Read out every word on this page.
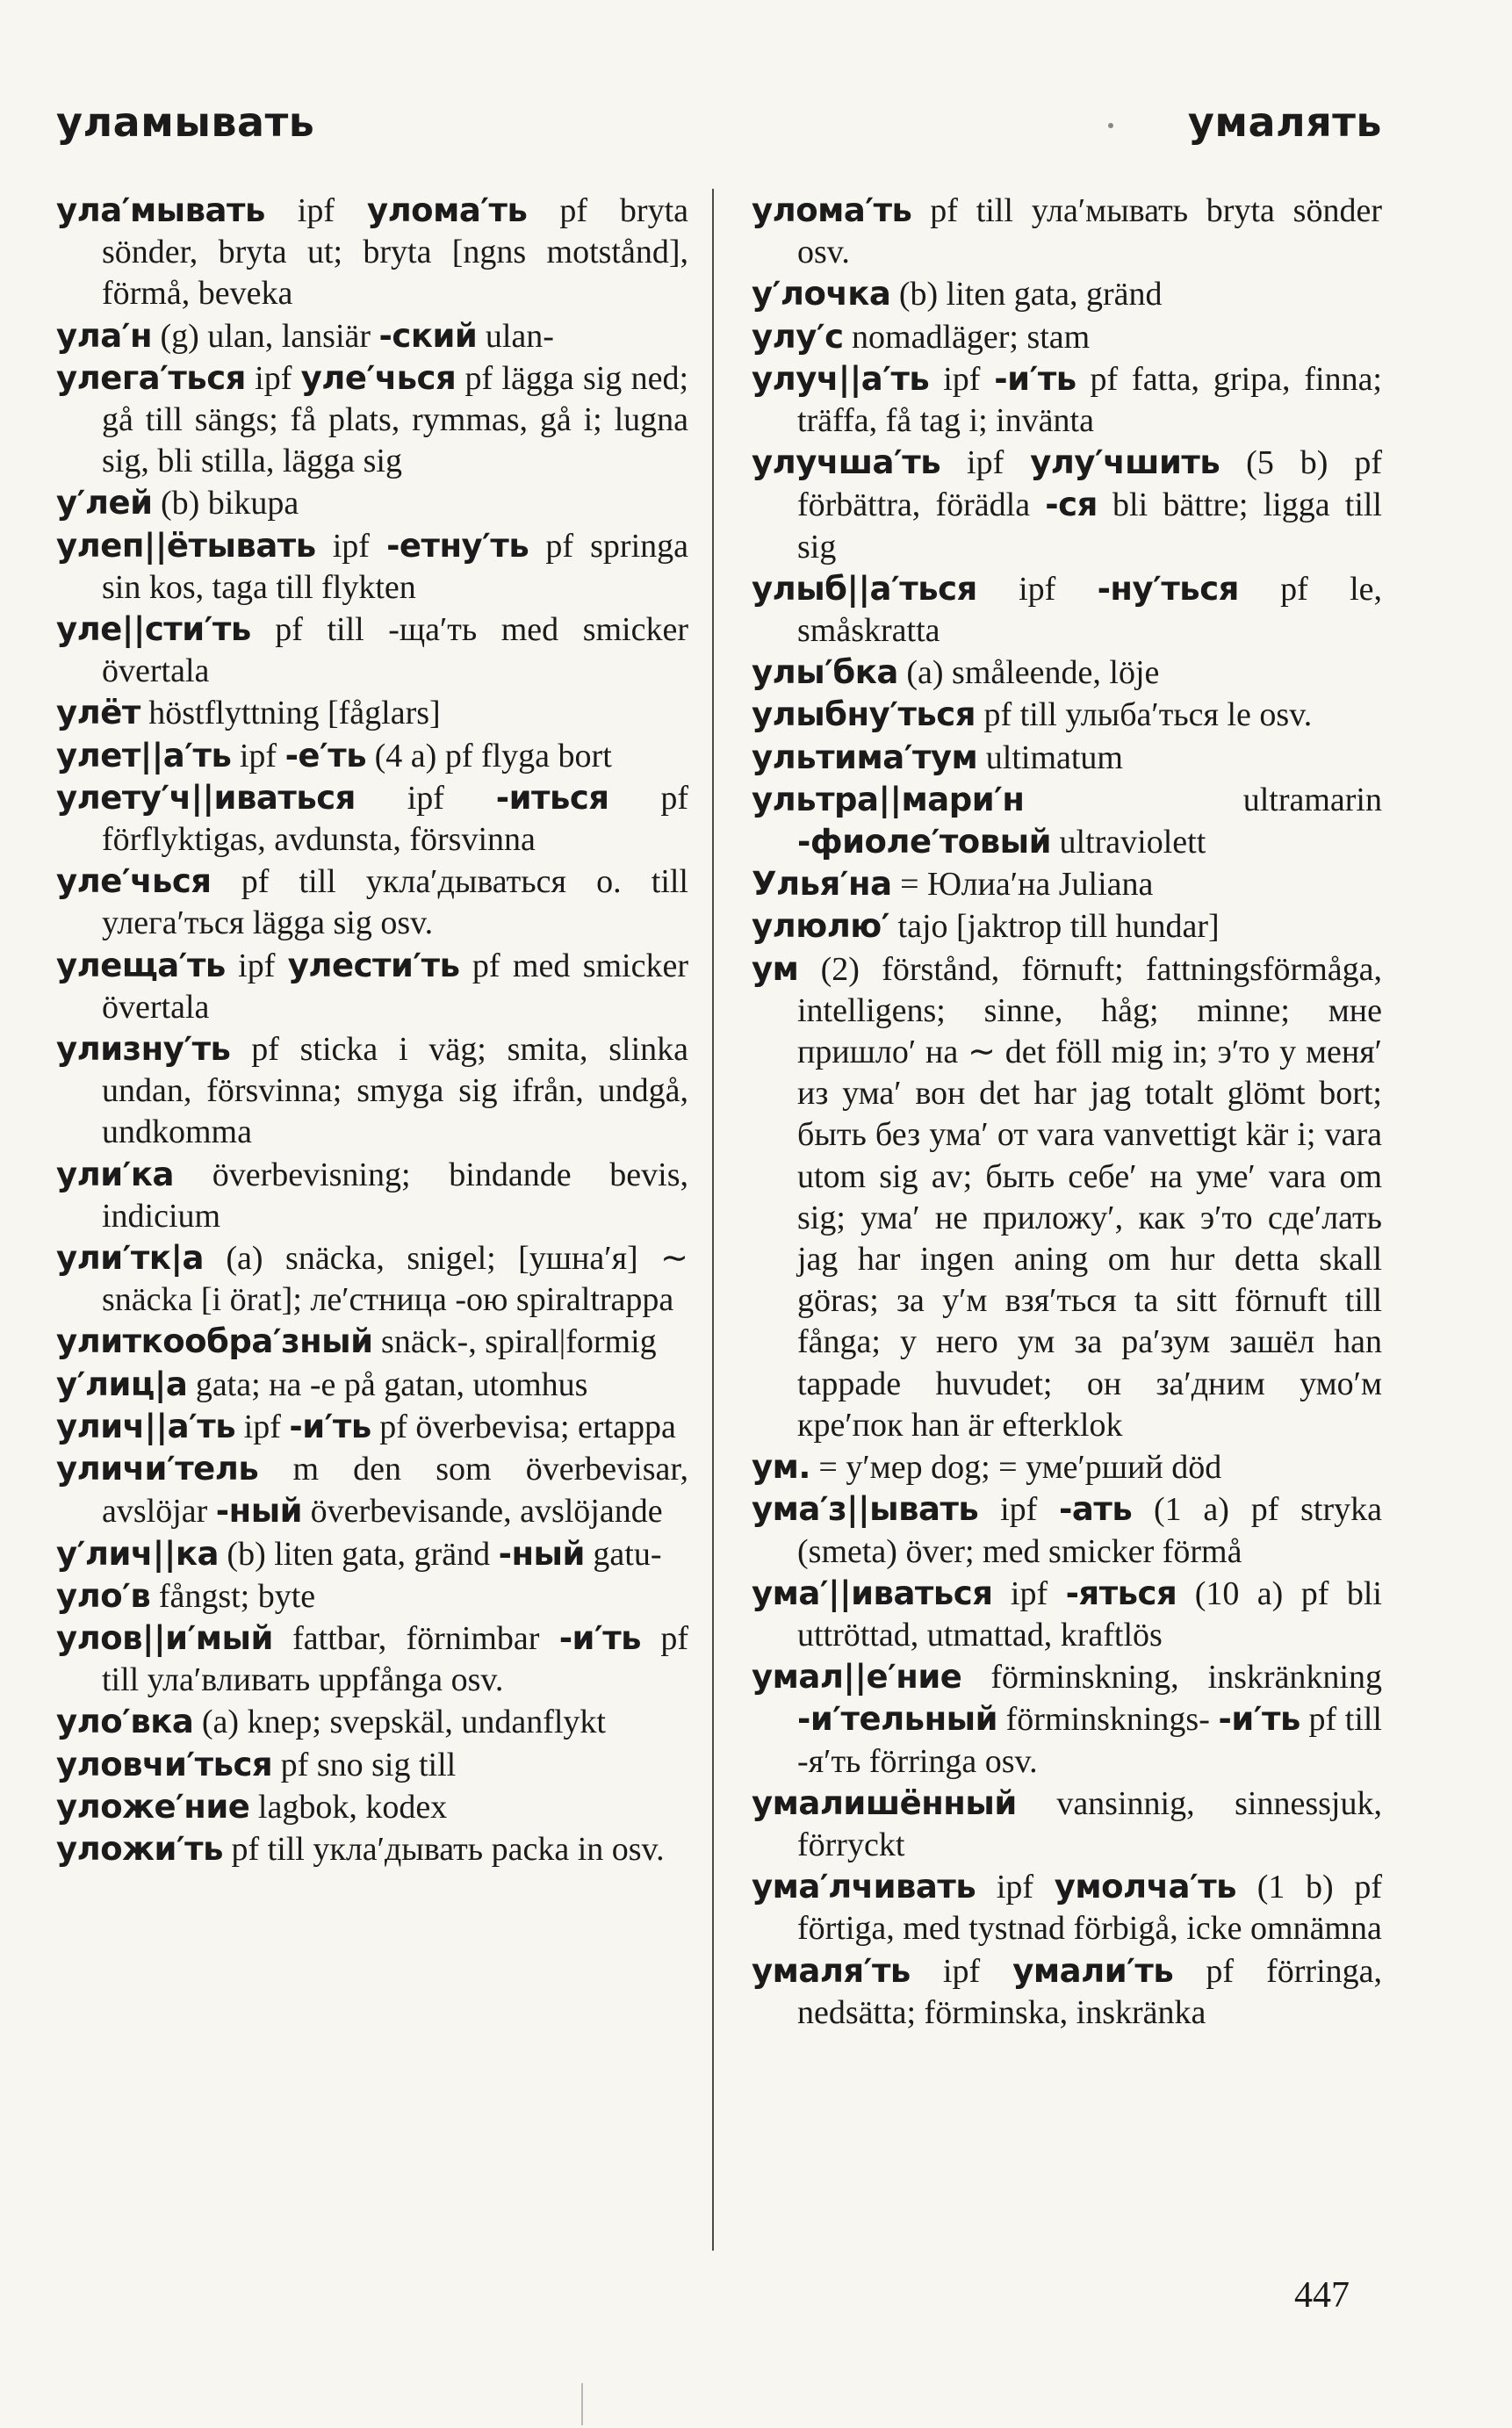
уламывать	умалять

ула′мывать ipf улома′ть pf bryta sönder, bryta ut; bryta [ngns motstånd], förmå, beveka

ула′н (g) ulan, lansiär -ский ulan-

улега′ться ipf уле′чься pf lägga sig ned; gå till sängs; få plats, rymmas, gå i; lugna sig, bli stilla, lägga sig

у′лей (b) bikupa

улеп||ётывать ipf -етну′ть pf springa sin kos, taga till flykten

уле||сти′ть pf till -ща′ть med smicker övertala

улёт höstflyttning [fåglars]

улет||а′ть ipf -е′ть (4 a) pf flyga bort

улету′ч||иваться ipf -иться pf förflyktigas, avdunsta, försvinna

уле′чься pf till укла′дываться o. till улега′ться lägga sig osv.

улеща′ть ipf улести′ть pf med smicker övertala

улизну′ть pf sticka i väg; smita, slinka undan, försvinna; smyga sig ifrån, undgå, undkomma

ули′ка överbevisning; bindande bevis, indicium

ули′тк|а (a) snäcka, snigel; [ушна′я] ∼ snäcka [i örat]; ле′стница -ою spiraltrappa

улиткообра′зный snäck-, spiral|formig

у′лиц|а gata; на -е på gatan, utomhus

улич||а′ть ipf -и′ть pf överbevisa; ertappa

уличи′тель m den som överbevisar, avslöjar -ный överbevisande, avslöjande

у′лич||ка (b) liten gata, gränd -ный gatu-

уло′в fångst; byte

улов||и′мый fattbar, förnimbar -и′ть pf till ула′вливать uppfånga osv.

уло′вка (a) knep; svepskäl, undanflykt

уловчи′ться pf sno sig till

уложе′ние lagbok, kodex

уложи′ть pf till укла′дывать packa in osv.

улома′ть pf till ула′мывать bryta sönder osv.

у′лочка (b) liten gata, gränd

улу′с nomadläger; stam

улуч||а′ть ipf -и′ть pf fatta, gripa, finna; träffa, få tag i; invänta

улучша′ть ipf улу′чшить (5 b) pf förbättra, förädla -ся bli bättre; ligga till sig

улыб||а′ться ipf -ну′ться pf le, småskratta

улы′бка (a) småleende, löje

улыбну′ться pf till улыба′ться le osv.

ультима′тум ultimatum

ультра||мари′н ultramarin -фиоле′товый ultraviolett

Улья′на = Юлиа′на Juliana

улюлю′ tajo [jaktrop till hundar]

ум (2) förstånd, förnuft; fattningsförmåga, intelligens; sinne, håg; minne; мне пришло′ на ∼ det föll mig in; э′то у меня′ из ума′ вон det har jag totalt glömt bort; быть без ума′ от vara vanvettigt kär i; vara utom sig av; быть себе′ на уме′ vara om sig; ума′ не приложу′, как э′то сде′лать jag har ingen aning om hur detta skall göras; за у′м взя′ться ta sitt förnuft till fånga; у него ум за ра′зум зашёл han tappade huvudet; он за′дним умо′м кре′пок han är efterklok

ум. = у′мер dog; = уме′рший död

ума′з||ывать ipf -ать (1 a) pf stryka (smeta) över; med smicker förmå

ума′||иваться ipf -яться (10 a) pf bli uttröttad, utmattad, kraftlös

умал||е′ние förminskning, inskränkning -и′тельный förminsknings- -и′ть pf till -я′ть förringa osv.

умалишённый vansinnig, sinnessjuk, förryckt

ума′лчивать ipf умолча′ть (1 b) pf förtiga, med tystnad förbigå, icke omnämna

умаля′ть ipf умали′ть pf förringa, nedsätta; förminska, inskränka

447
